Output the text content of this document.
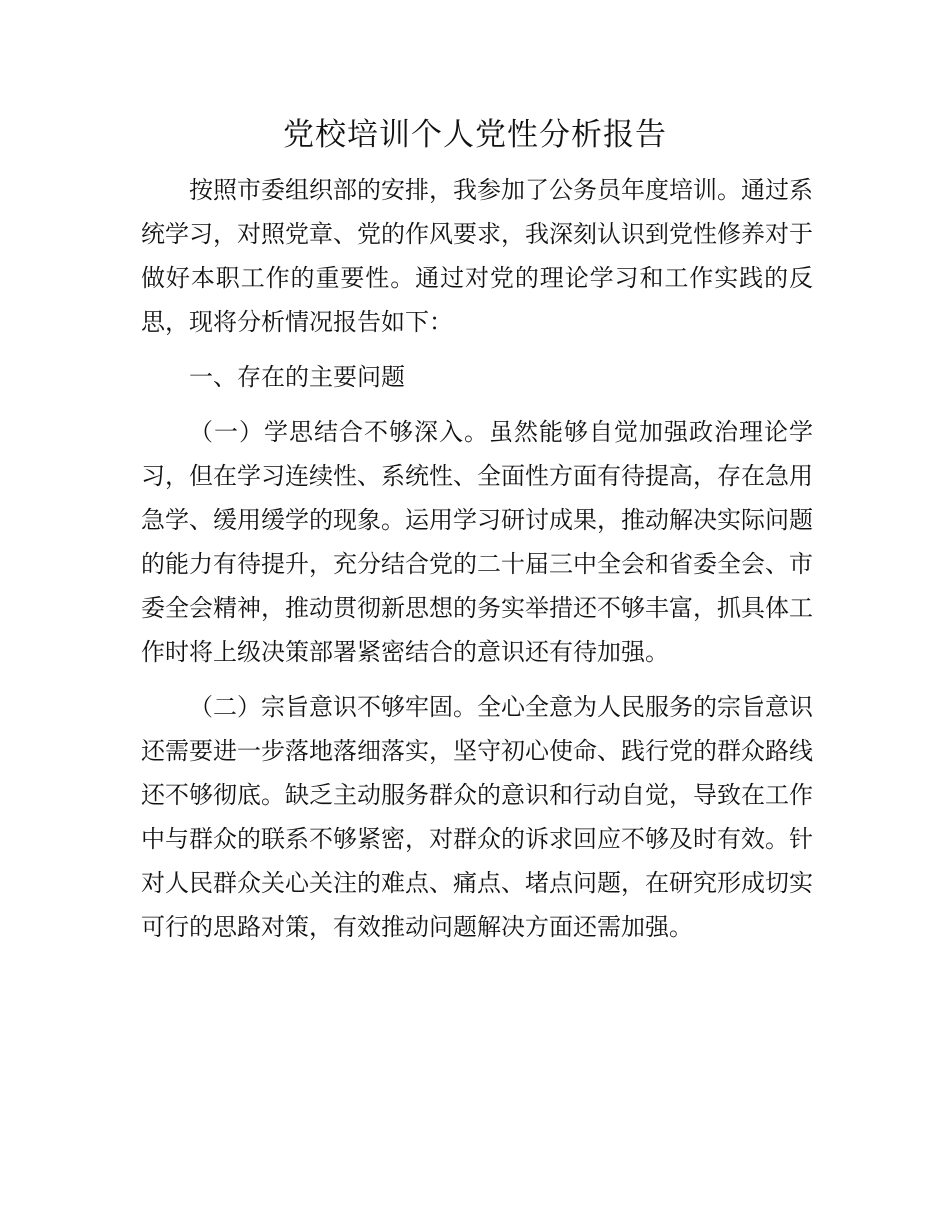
党校培训个人党性分析报告

按照市委组织部的安排，我参加了公务员年度培训。通过系统学习，对照党章、党的作风要求，我深刻认识到党性修养对于做好本职工作的重要性。通过对党的理论学习和工作实践的反思，现将分析情况报告如下：

一、存在的主要问题

（一）学思结合不够深入。虽然能够自觉加强政治理论学习，但在学习连续性、系统性、全面性方面有待提高，存在急用急学、缓用缓学的现象。运用学习研讨成果，推动解决实际问题的能力有待提升，充分结合党的二十届三中全会和省委全会、市委全会精神，推动贯彻新思想的务实举措还不够丰富，抓具体工作时将上级决策部署紧密结合的意识还有待加强。

（二）宗旨意识不够牢固。全心全意为人民服务的宗旨意识还需要进一步落地落细落实，坚守初心使命、践行党的群众路线还不够彻底。缺乏主动服务群众的意识和行动自觉，导致在工作中与群众的联系不够紧密，对群众的诉求回应不够及时有效。针对人民群众关心关注的难点、痛点、堵点问题，在研究形成切实可行的思路对策，有效推动问题解决方面还需加强。
